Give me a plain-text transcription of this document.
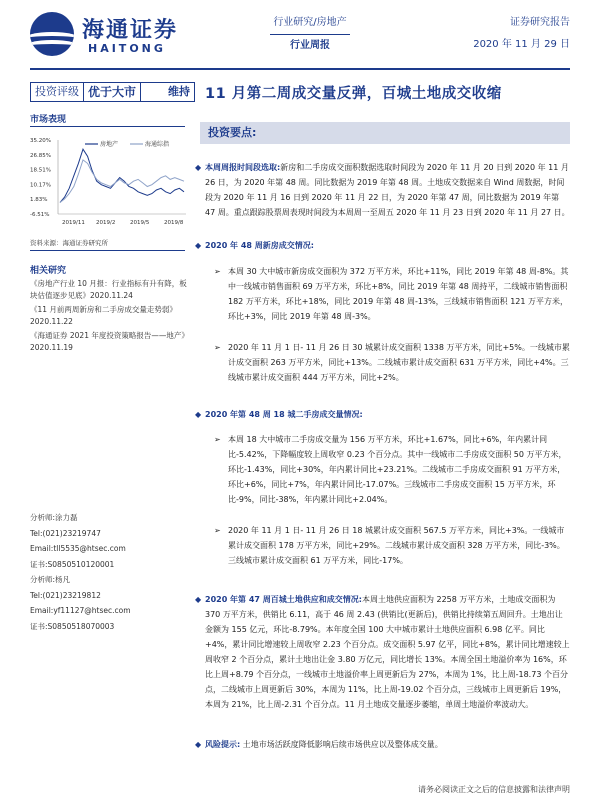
海通证券
HAITONG
行业研究/房地产
行业周报
证券研究报告
2020 年 11 月 29 日
投资评级 优于大市	维持 11 月第二周成交量反弹，百城土地成交收缩
市场表现
35.20%
26.85%
18.51%
10.17%
1.83%
-6.51%
房地产	海通综指
2019/11 2019/2	2019/5	2019/8
资料来源：海通证券研究所
相关研究

《房地产行业 10 月报：行业指标有升有降，板块估值逐步见底》2020.11.24

《11 月前两周新房和二手房成交量走势弱》2020.11.22

《海通证券 2021 年度投资策略报告——地产》2020.11.19

分析师:涂力磊
Tel:(021)23219747
Email:tll5535@htsec.com
证书:S0850510120001
分析师:杨凡
Tel:(021)23219812
Email:yf11127@htsec.com
证书:S0850518070003
投资要点:
◆ 本周周报时间段选取:新房和二手房成交面积数据选取时间段为 2020 年 11 月 20 日到 2020 年 11 月 26 日，为 2020 年第 48 周。同比数据为 2019 年第 48 周。土地成交数据来自 Wind 周数据，时间段为 2020 年 11 月 16 日到 2020 年 11 月 22 日，为 2020 年第 47 周，同比数据为 2019 年第 47 周。重点跟踪股票周表现时间段为本周周一至周五 2020 年 11 月 23 日到 2020 年 11 月 27 日。
◆ 2020 年 48 周新房成交情况:
➢ 本周 30 大中城市新房成交面积为 372 万平方米，环比+11%，同比 2019 年第 48 周-8%。其中一线城市销售面积 69 万平方米，环比+8%，同比 2019 年第 48 周持平，二线城市销售面积 182 万平方米，环比+18%，同比 2019 年第 48 周-13%，三线城市销售面积 121 万平方米，环比+3%，同比 2019 年第 48 周-3%。
➢ 2020 年 11 月 1 日- 11 月 26 日 30 城累计成交面积 1338 万平方米，同比+5%。一线城市累计成交面积 263 万平方米，同比+13%。二线城市累计成交面积 631 万平方米，同比+4%。三线城市累计成交面积 444 万平方米，同比+2%。
◆ 2020 年第 48 周 18 城二手房成交量情况:
➢ 本周 18 大中城市二手房成交量为 156 万平方米，环比+1.67%，同比+6%，年内累计同比-5.42%，下降幅度较上周收窄 0.23 个百分点。其中一线城市二手房成交面积 50 万平方米，环比-1.43%，同比+30%，年内累计同比+23.21%。二线城市二手房成交面积 91 万平方米，环比+6%，同比+7%，年内累计同比-17.07%。三线城市二手房成交面积 15 万平方米，环比-9%，同比-38%，年内累计同比+2.04%。
➢ 2020 年 11 月 1 日- 11 月 26 日 18 城累计成交面积 567.5 万平方米，同比+3%。一线城市累计成交面积 178 万平方米，同比+29%。二线城市累计成交面积 328 万平方米，同比-3%。三线城市累计成交面积 61 万平方米，同比-17%。
◆ 2020 年第 47 周百城土地供应和成交情况:本周土地供应面积为 2258 万平方米，土地成交面积为 370 万平方米，供销比 6.11，高于 46 周 2.43 (供销比(更新后)，供销比持续第五周回升。土地出让金额为 155 亿元，环比-8.79%。本年度全国 100 大中城市累计土地供应面积 6.98 亿平。同比+4%，累计同比增速较上周收窄 2.23 个百分点。成交面积 5.97 亿平，同比+8%，累计同比增速较上周收窄 2 个百分点，累计土地出让金 3.80 万亿元，同比增长 13%。本周全国土地溢价率为 16%，环比上周+8.79 个百分点，一线城市土地溢价率上周更新后为 27%，本周为 1%，比上周-18.73 个百分点，二线城市上周更新后 30%，本周为 11%，比上周-19.02 个百分点，三线城市上周更新后 19%，本周为 21%，比上周-2.31 个百分点。11 月土地成交量逐步萎缩，单周土地溢价率波动大。
◆ 风险提示: 土地市场活跃度降低影响后续市场供应以及整体成交量。
请务必阅读正文之后的信息披露和法律声明
